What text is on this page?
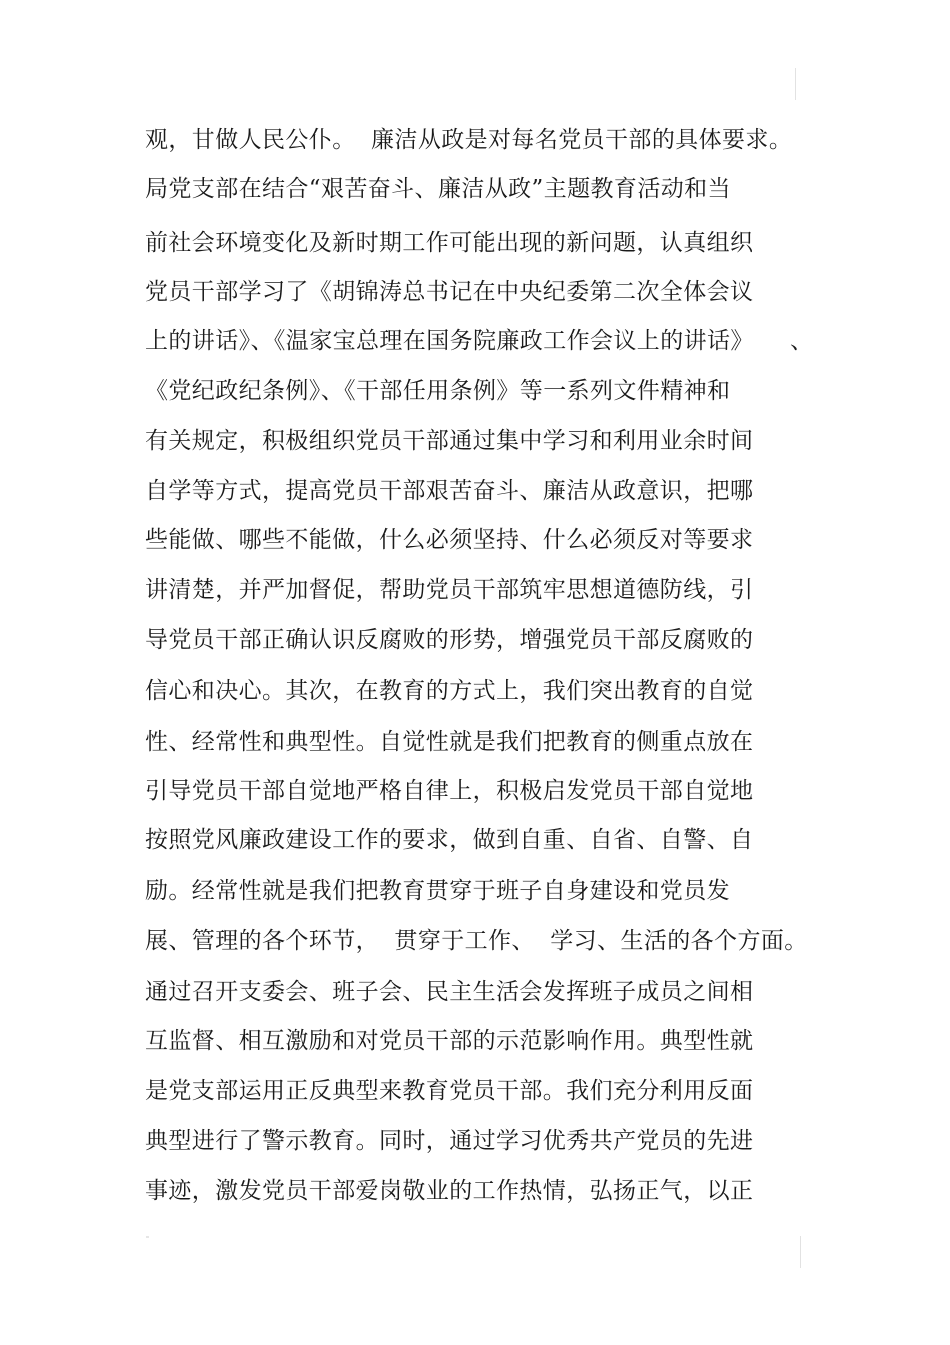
观，甘做人民公仆。  廉洁从政是对每名党员干部的具体要求。
局党支部在结合“艰苦奋斗、廉洁从政”主题教育活动和当
前社会环境变化及新时期工作可能出现的新问题，认真组织
党员干部学习了《胡锦涛总书记在中央纪委第二次全体会议
上的讲话》、《温家宝总理在国务院廉政工作会议上的讲话》
《党纪政纪条例》、《干部任用条例》等一系列文件精神和
有关规定，积极组织党员干部通过集中学习和利用业余时间
自学等方式，提高党员干部艰苦奋斗、廉洁从政意识，把哪
些能做、哪些不能做，什么必须坚持、什么必须反对等要求
讲清楚，并严加督促，帮助党员干部筑牢思想道德防线，引
导党员干部正确认识反腐败的形势，增强党员干部反腐败的
信心和决心。其次，在教育的方式上，我们突出教育的自觉
性、经常性和典型性。自觉性就是我们把教育的侧重点放在
引导党员干部自觉地严格自律上，积极启发党员干部自觉地
按照党风廉政建设工作的要求，做到自重、自省、自警、自
励。经常性就是我们把教育贯穿于班子自身建设和党员发
展、管理的各个环节，  贯穿于工作、  学习、生活的各个方面。
通过召开支委会、班子会、民主生活会发挥班子成员之间相
互监督、相互激励和对党员干部的示范影响作用。典型性就
是党支部运用正反典型来教育党员干部。我们充分利用反面
典型进行了警示教育。同时，通过学习优秀共产党员的先进
事迹，激发党员干部爱岗敬业的工作热情，弘扬正气，以正
、
